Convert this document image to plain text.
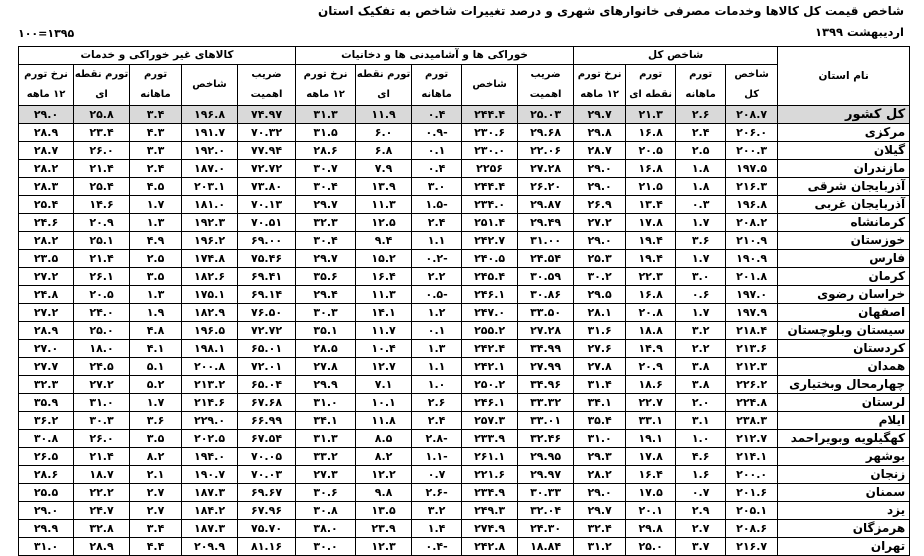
شاخص قیمت کل کالاها وخدمات مصرفی خانوارهای شهری و درصد تغییرات شاخص به تفکیک استان
اردیبهشت ۱۳۹۹
۱۰۰=۱۳۹۵
نام استان	شاخص کل				خوراکی ها و آشامیدنی ها و دخانیات					کالاهای غیر خوراکی و خدمات				
	شاخص کل	تورم ماهانه	تورم نقطه ای	نرخ تورم ۱۲ ماهه	ضریب اهمیت	شاخص	تورم ماهانه	تورم نقطه ای	نرخ تورم ۱۲ ماهه	ضریب اهمیت	شاخص	تورم ماهانه	تورم نقطه ای	نرخ تورم ۱۲ ماهه
کل کشور	۲۰۸.۷	۲.۶	۲۱.۳	۲۹.۷	۲۵.۰۳	۲۴۴.۴	۰.۴	۱۱.۹	۳۱.۳	۷۴.۹۷	۱۹۶.۸	۳.۴	۲۵.۸	۲۹.۰
مرکزی	۲۰۶.۰	۲.۴	۱۶.۸	۲۹.۸	۲۹.۶۸	۲۳۰.۶	-۰.۹	۶.۰	۳۱.۵	۷۰.۳۲	۱۹۱.۷	۴.۳	۲۳.۴	۲۸.۹
گیلان	۲۰۰.۳	۲.۵	۲۰.۵	۲۸.۷	۲۲.۰۶	۲۳۰.۰	۰.۱	۶.۸	۲۸.۶	۷۷.۹۴	۱۹۲.۰	۳.۳	۲۶.۰	۲۸.۷
مازندران	۱۹۷.۵	۱.۸	۱۶.۸	۲۹.۰	۲۷.۲۸	۲۲۵۶	۰.۴	۷.۹	۳۰.۷	۷۲.۷۲	۱۸۷.۰	۲.۴	۲۱.۴	۲۸.۲
آذربایجان شرقی	۲۱۶.۳	۱.۸	۲۱.۵	۲۹.۰	۲۶.۲۰	۲۴۴.۴	۳.۰	۱۳.۹	۳۰.۴	۷۳.۸۰	۲۰۳.۱	۴.۵	۲۵.۴	۲۸.۳
آذربایجان غربی	۱۹۶.۸	۰.۳	۱۳.۴	۲۶.۹	۲۹.۸۷	۲۳۴.۰	-۱.۵	۱۱.۳	۲۹.۷	۷۰.۱۳	۱۸۱.۰	۱.۷	۱۴.۶	۲۵.۴
کرمانشاه	۲۰۸.۲	۱.۷	۱۷.۸	۲۷.۲	۲۹.۴۹	۲۵۱.۴	۲.۴	۱۲.۵	۳۲.۳	۷۰.۵۱	۱۹۲.۳	۱.۳	۲۰.۹	۲۴.۶
خوزستان	۲۱۰.۹	۳.۶	۱۹.۴	۲۹.۰	۳۱.۰۰	۲۴۲.۷	۱.۱	۹.۴	۳۰.۴	۶۹.۰۰	۱۹۶.۲	۴.۹	۲۵.۱	۲۸.۲
فارس	۱۹۰.۹	۱.۷	۱۹.۴	۲۵.۳	۲۴.۵۴	۲۴۰.۵	-۰.۲	۱۵.۲	۲۹.۷	۷۵.۴۶	۱۷۴.۸	۲.۵	۲۱.۴	۲۳.۵
کرمان	۲۰۱.۸	۳.۰	۲۲.۳	۳۰.۲	۳۰.۵۹	۲۴۵.۴	۲.۲	۱۶.۴	۳۵.۶	۶۹.۴۱	۱۸۲.۶	۳.۵	۲۶.۱	۲۷.۲
خراسان رضوی	۱۹۷.۰	۰.۶	۱۶.۸	۲۹.۵	۳۰.۸۶	۲۴۶.۱	-۰.۵	۱۱.۳	۲۹.۴	۶۹.۱۴	۱۷۵.۱	۱.۳	۲۰.۵	۲۴.۸
اصفهان	۱۹۷.۹	۱.۷	۲۰.۸	۲۸.۱	۳۳.۵۰	۲۴۷.۰	۱.۲	۱۴.۱	۳۰.۳	۷۶.۵۰	۱۸۲.۹	۱.۹	۲۴.۰	۲۷.۲
سیستان وبلوچستان	۲۱۸.۴	۳.۲	۱۸.۸	۳۱.۶	۲۷.۲۸	۲۵۵.۲	۰.۱	۱۱.۷	۳۵.۱	۷۲.۷۲	۱۹۶.۵	۴.۸	۲۵.۰	۲۸.۹
کردستان	۲۱۳.۶	۲.۲	۱۴.۹	۲۷.۶	۳۴.۹۹	۲۴۲.۴	۱.۳	۱۰.۴	۲۸.۵	۶۵.۰۱	۱۹۸.۱	۴.۱	۱۸.۰	۲۷.۰
همدان	۲۱۲.۳	۳.۸	۲۰.۹	۲۷.۸	۲۷.۹۹	۲۴۲.۱	۱.۱	۱۲.۷	۲۷.۸	۷۲.۰۱	۲۰۰.۸	۵.۱	۲۴.۵	۲۷.۷
چهارمحال وبختیاری	۲۲۶.۲	۳.۸	۱۸.۶	۳۱.۴	۳۴.۹۶	۲۵۰.۲	۱.۰	۷.۱	۲۹.۹	۶۵.۰۴	۲۱۳.۲	۵.۲	۲۷.۲	۳۲.۳
لرستان	۲۲۴.۸	۲.۰	۲۲.۷	۳۴.۱	۳۳.۳۲	۲۴۶.۱	۲.۶	۱۰.۱	۳۱.۰	۶۷.۶۸	۲۱۴.۶	۱.۷	۳۱.۰	۳۵.۹
ایلام	۲۳۸.۳	۳.۱	۳۳.۱	۳۵.۴	۳۳.۰۱	۲۵۷.۳	۲.۴	۱۱.۸	۳۴.۱	۶۶.۹۹	۲۲۹.۰	۳.۶	۳۰.۳	۳۶.۲
کهگیلویه وبویراحمد	۲۱۲.۷	۱.۰	۱۹.۱	۳۱.۰	۳۲.۴۶	۲۳۳.۹	-۲.۸	۸.۵	۳۱.۳	۶۷.۵۴	۲۰۲.۵	۳.۵	۲۶.۰	۳۰.۸
بوشهر	۲۱۴.۱	۴.۶	۱۷.۸	۲۹.۳	۲۹.۹۵	۲۶۱.۱	-۱.۱	۸.۲	۳۳.۲	۷۰.۰۵	۱۹۴.۰	۸.۲	۲۱.۴	۲۶.۵
زنجان	۲۰۰.۰	۱.۶	۱۶.۴	۲۸.۲	۲۹.۹۷	۲۲۱.۶	۰.۷	۱۲.۲	۲۷.۳	۷۰.۰۳	۱۹۰.۷	۲.۱	۱۸.۷	۲۸.۶
سمنان	۲۰۱.۶	۰.۷	۱۷.۵	۲۹.۰	۳۰.۳۳	۲۳۴.۹	-۲.۶	۹.۸	۳۰.۶	۶۹.۶۷	۱۸۷.۳	۲.۷	۲۲.۲	۲۵.۵
یزد	۲۰۵.۱	۲.۹	۲۰.۱	۲۹.۷	۳۲.۰۴	۲۴۹.۳	۳.۲	۱۳.۵	۳۰.۸	۶۷.۹۶	۱۸۴.۲	۲.۷	۲۴.۷	۲۹.۰
هرمزگان	۲۰۸.۶	۲.۷	۲۹.۸	۳۲.۴	۲۴.۳۰	۲۷۴.۹	۱.۴	۲۳.۹	۳۸.۰	۷۵.۷۰	۱۸۷.۳	۳.۴	۳۲.۸	۲۹.۹
تهران	۲۱۶.۷	۳.۷	۲۵.۰	۳۱.۲	۱۸.۸۴	۲۴۲.۸	-۰.۴	۱۲.۳	۳۰.۰	۸۱.۱۶	۲۰۹.۹	۴.۴	۲۸.۹	۳۱.۰
